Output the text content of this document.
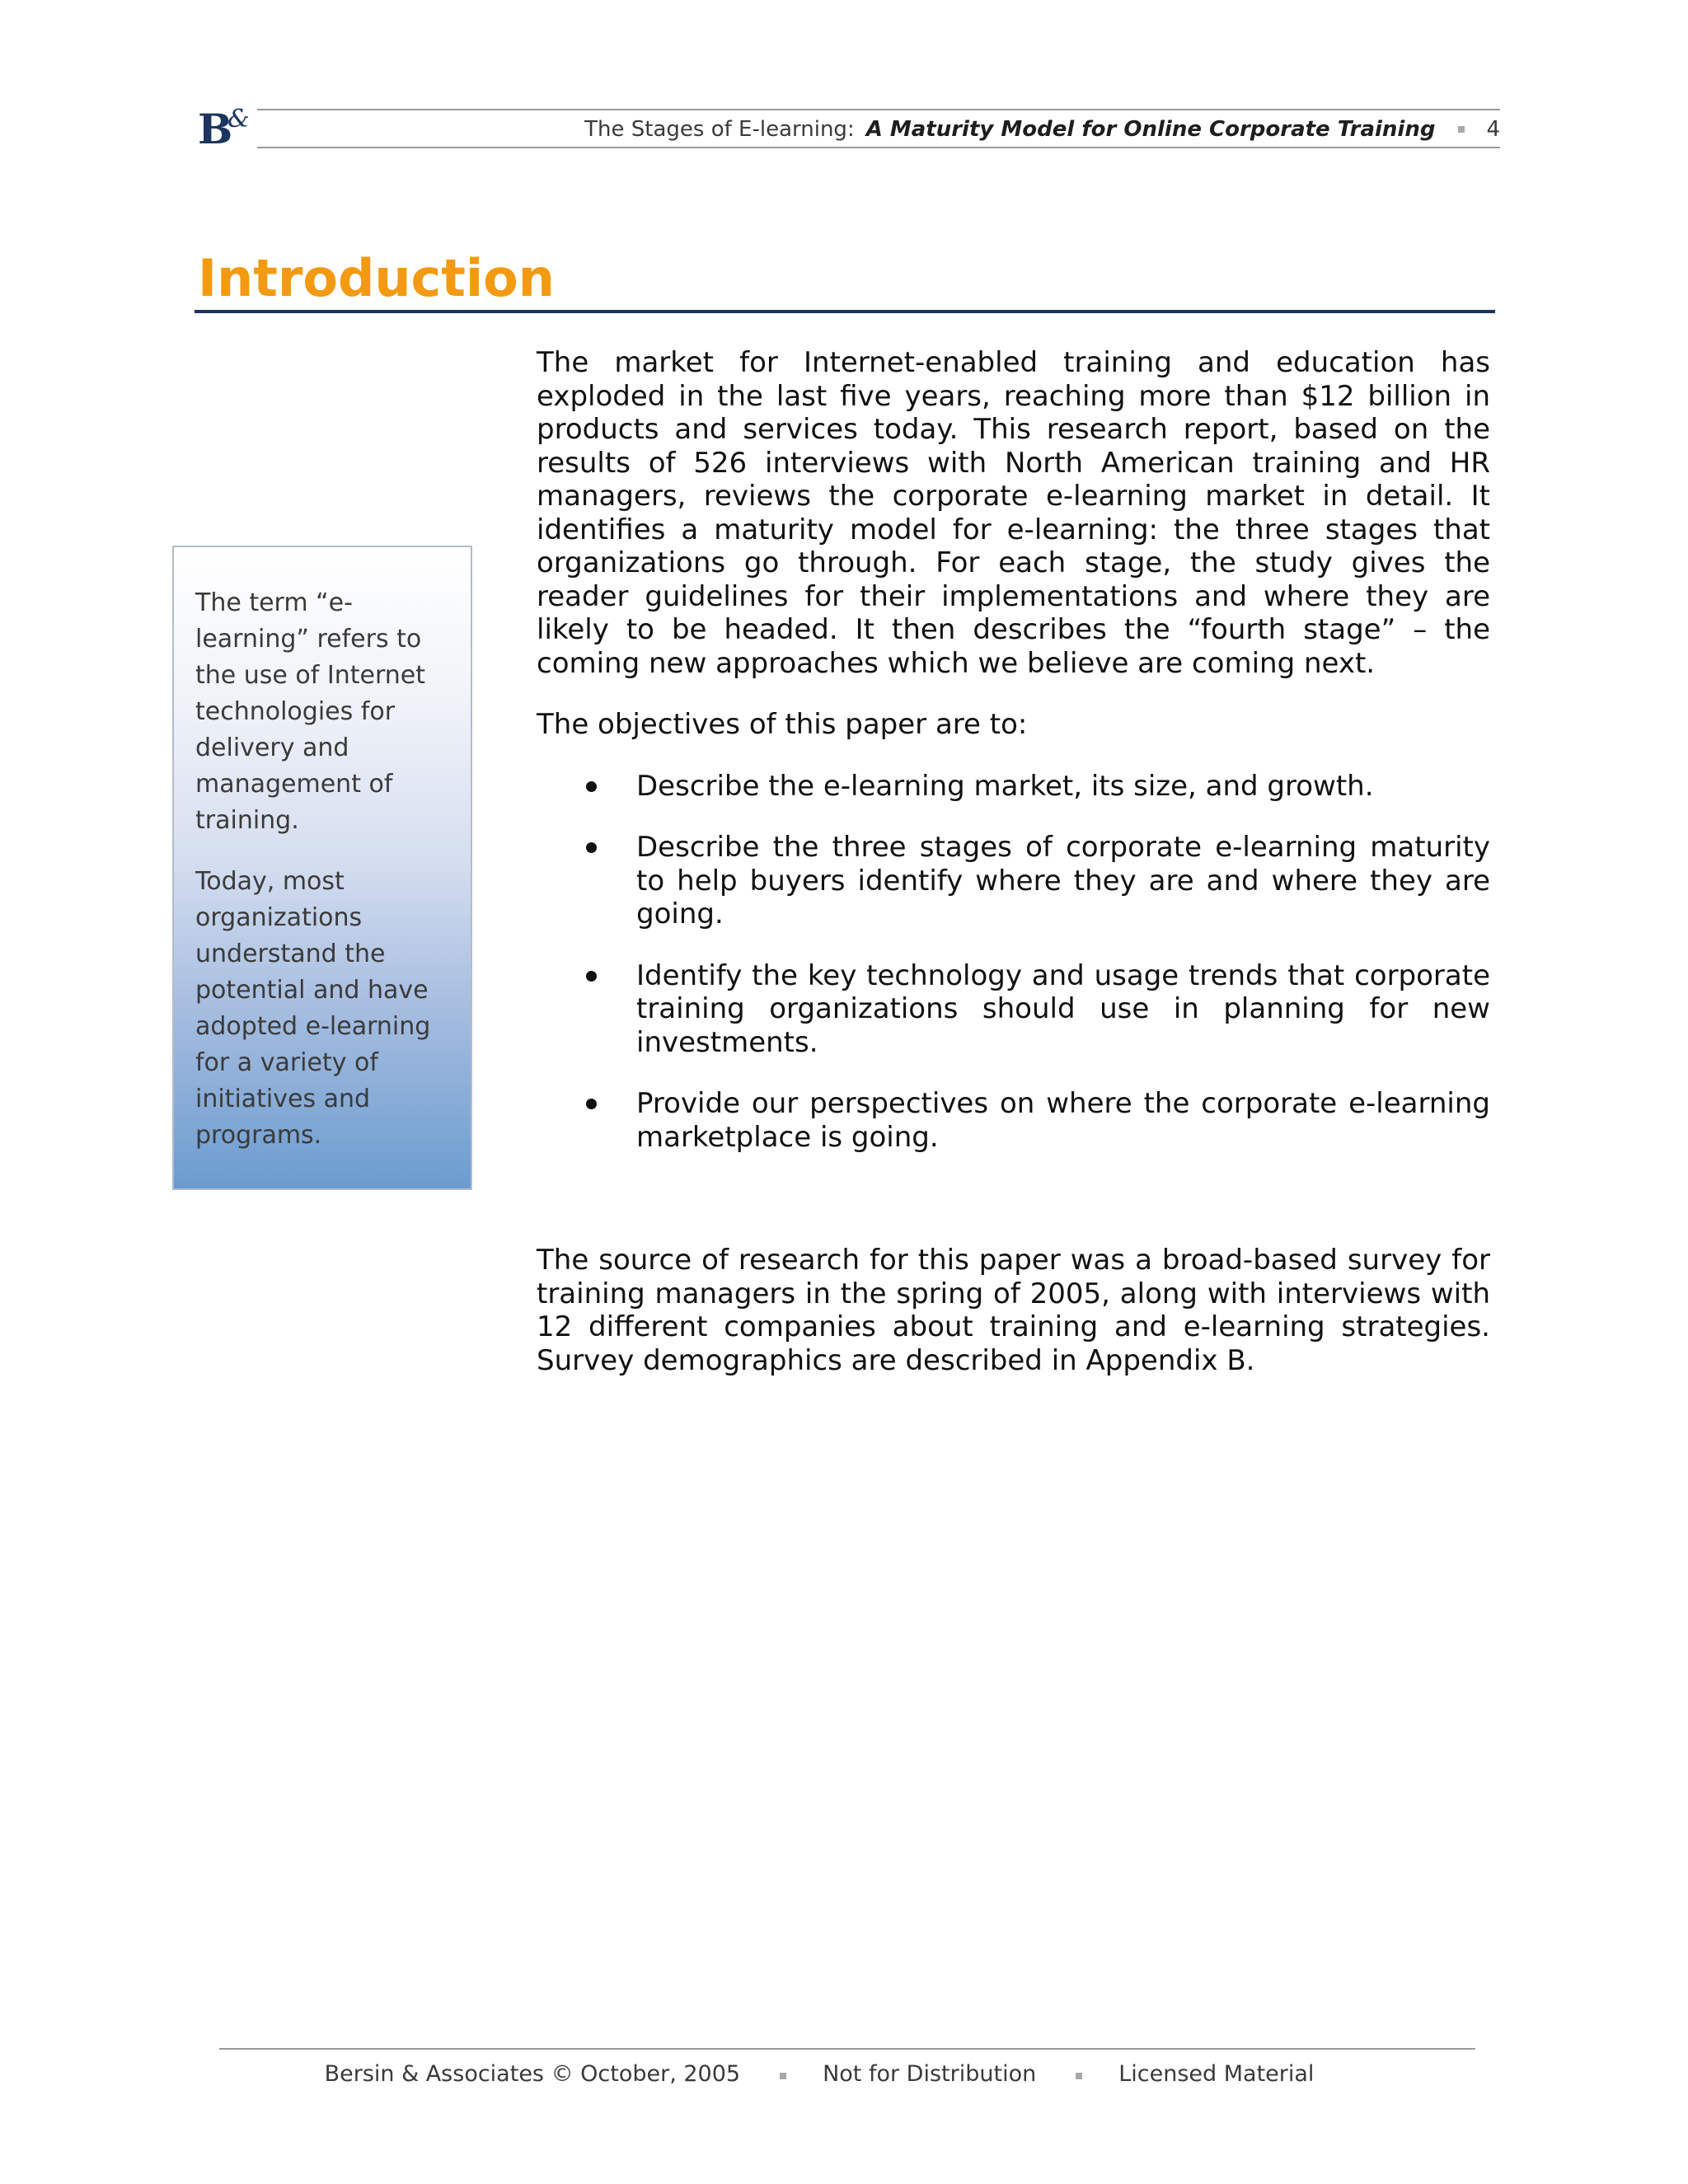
B
&	The Stages of E-learning: A Maturity Model for Online Corporate Training 4
Introduction

The term “e-learning” refers to the use of Internet technologies for delivery and management of training.

Today, most organizations understand the potential and have adopted e-learning for a variety of initiatives and programs.

The market for Internet-enabled training and education has exploded in the last five years, reaching more than $12 billion in products and services today. This research report, based on the results of 526 interviews with North American training and HR managers, reviews the corporate e-learning market in detail. It identifies a maturity model for e-learning: the three stages that organizations go through. For each stage, the study gives the reader guidelines for their implementations and where they are likely to be headed. It then describes the “fourth stage” – the coming new approaches which we believe are coming next.

The objectives of this paper are to:

Describe the e-learning market, its size, and growth.
Describe the three stages of corporate e-learning maturity to help buyers identify where they are and where they are going.
Identify the key technology and usage trends that corporate training organizations should use in planning for new investments.
Provide our perspectives on where the corporate e-learning marketplace is going.

The source of research for this paper was a broad-based survey for training managers in the spring of 2005, along with interviews with 12 different companies about training and e-learning strategies. Survey demographics are described in Appendix B.

Bersin & Associates © October, 2005	Not for Distribution	Licensed Material
